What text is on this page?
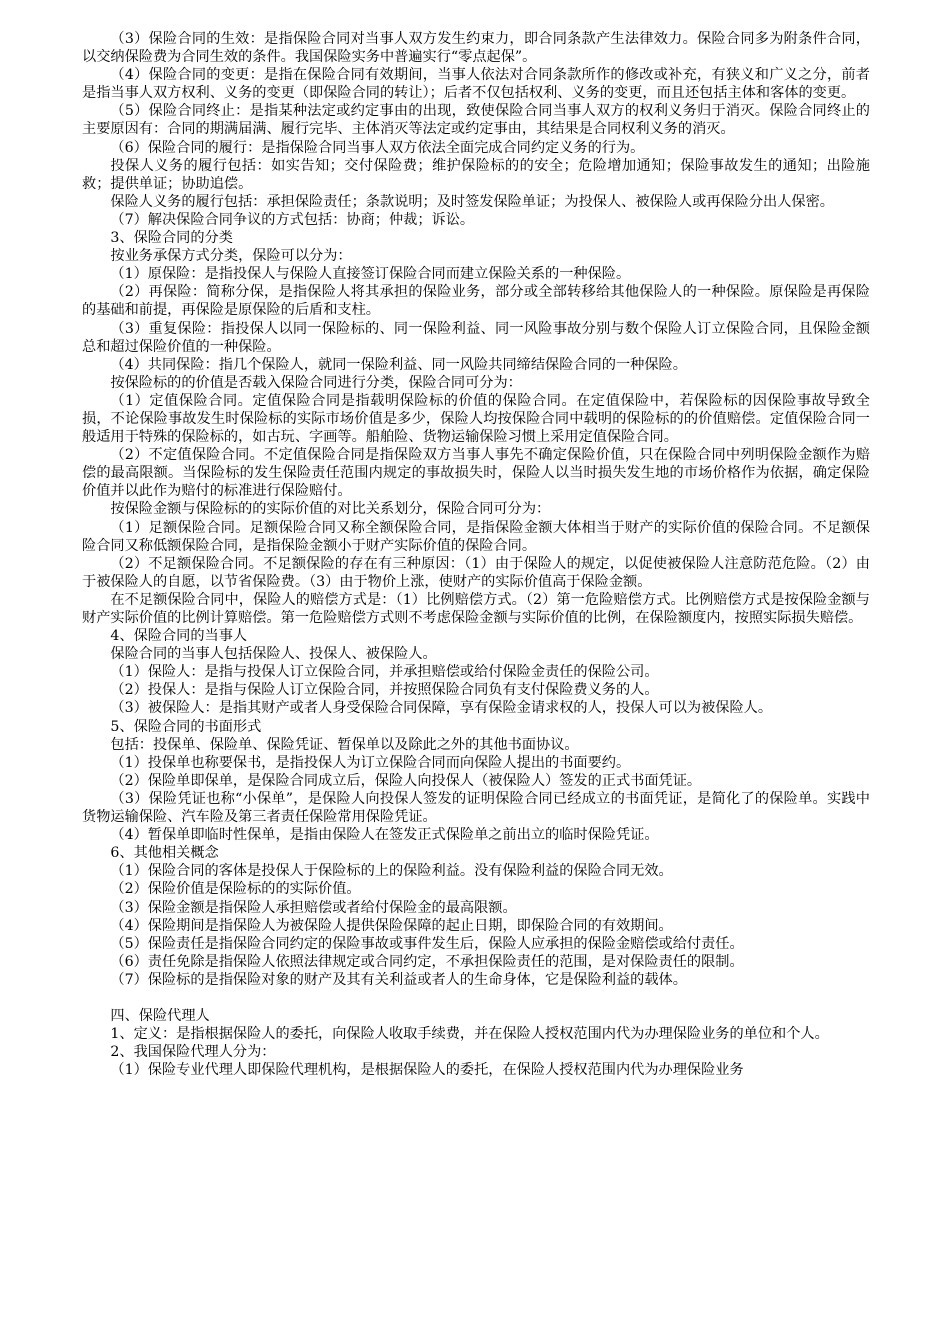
（3）保险合同的生效：是指保险合同对当事人双方发生约束力，即合同条款产生法律效力。保险合同多为附条件合同，以交纳保险费为合同生效的条件。我国保险实务中普遍实行“零点起保”。

（4）保险合同的变更：是指在保险合同有效期间，当事人依法对合同条款所作的修改或补充，有狭义和广义之分，前者是指当事人双方权利、义务的变更（即保险合同的转让）；后者不仅包括权利、义务的变更，而且还包括主体和客体的变更。

（5）保险合同终止：是指某种法定或约定事由的出现，致使保险合同当事人双方的权利义务归于消灭。保险合同终止的主要原因有：合同的期满届满、履行完毕、主体消灭等法定或约定事由，其结果是合同权利义务的消灭。

（6）保险合同的履行：是指保险合同当事人双方依法全面完成合同约定义务的行为。

投保人义务的履行包括：如实告知；交付保险费；维护保险标的的安全；危险增加通知；保险事故发生的通知；出险施救；提供单证；协助追偿。

保险人义务的履行包括：承担保险责任；条款说明；及时签发保险单证；为投保人、被保险人或再保险分出人保密。

（7）解决保险合同争议的方式包括：协商；仲裁；诉讼。

3、保险合同的分类

按业务承保方式分类，保险可以分为：

（1）原保险：是指投保人与保险人直接签订保险合同而建立保险关系的一种保险。

（2）再保险：简称分保，是指保险人将其承担的保险业务，部分或全部转移给其他保险人的一种保险。原保险是再保险的基础和前提，再保险是原保险的后盾和支柱。

（3）重复保险：指投保人以同一保险标的、同一保险利益、同一风险事故分别与数个保险人订立保险合同，且保险金额总和超过保险价值的一种保险。

（4）共同保险：指几个保险人，就同一保险利益、同一风险共同缔结保险合同的一种保险。

按保险标的的价值是否载入保险合同进行分类，保险合同可分为：

（1）定值保险合同。定值保险合同是指载明保险标的价值的保险合同。在定值保险中，若保险标的因保险事故导致全损，不论保险事故发生时保险标的实际市场价值是多少，保险人均按保险合同中载明的保险标的的价值赔偿。定值保险合同一般适用于特殊的保险标的，如古玩、字画等。船舶险、货物运输保险习惯上采用定值保险合同。

（2）不定值保险合同。不定值保险合同是指保险双方当事人事先不确定保险价值，只在保险合同中列明保险金额作为赔偿的最高限额。当保险标的发生保险责任范围内规定的事故损失时，保险人以当时损失发生地的市场价格作为依据，确定保险价值并以此作为赔付的标准进行保险赔付。

按保险金额与保险标的的实际价值的对比关系划分，保险合同可分为：

（1）足额保险合同。足额保险合同又称全额保险合同，是指保险金额大体相当于财产的实际价值的保险合同。不足额保险合同又称低额保险合同，是指保险金额小于财产实际价值的保险合同。

（2）不足额保险合同。不足额保险的存在有三种原因：（1）由于保险人的规定，以促使被保险人注意防范危险。（2）由于被保险人的自愿，以节省保险费。（3）由于物价上涨，使财产的实际价值高于保险金额。

在不足额保险合同中，保险人的赔偿方式是：（1）比例赔偿方式。（2）第一危险赔偿方式。比例赔偿方式是按保险金额与财产实际价值的比例计算赔偿。第一危险赔偿方式则不考虑保险金额与实际价值的比例，在保险额度内，按照实际损失赔偿。

4、保险合同的当事人

保险合同的当事人包括保险人、投保人、被保险人。

（1）保险人：是指与投保人订立保险合同，并承担赔偿或给付保险金责任的保险公司。

（2）投保人：是指与保险人订立保险合同，并按照保险合同负有支付保险费义务的人。

（3）被保险人：是指其财产或者人身受保险合同保障，享有保险金请求权的人，投保人可以为被保险人。

5、保险合同的书面形式

包括：投保单、保险单、保险凭证、暂保单以及除此之外的其他书面协议。

（1）投保单也称要保书，是指投保人为订立保险合同而向保险人提出的书面要约。

（2）保险单即保单，是保险合同成立后，保险人向投保人（被保险人）签发的正式书面凭证。

（3）保险凭证也称“小保单”，是保险人向投保人签发的证明保险合同已经成立的书面凭证，是简化了的保险单。实践中货物运输保险、汽车险及第三者责任保险常用保险凭证。

（4）暂保单即临时性保单，是指由保险人在签发正式保险单之前出立的临时保险凭证。

6、其他相关概念

（1）保险合同的客体是投保人于保险标的上的保险利益。没有保险利益的保险合同无效。

（2）保险价值是保险标的的实际价值。

（3）保险金额是指保险人承担赔偿或者给付保险金的最高限额。

（4）保险期间是指保险人为被保险人提供保险保障的起止日期，即保险合同的有效期间。

（5）保险责任是指保险合同约定的保险事故或事件发生后，保险人应承担的保险金赔偿或给付责任。

（6）责任免除是指保险人依照法律规定或合同约定，不承担保险责任的范围，是对保险责任的限制。

（7）保险标的是指保险对象的财产及其有关利益或者人的生命身体，它是保险利益的载体。

四、保险代理人

1、定义：是指根据保险人的委托，向保险人收取手续费，并在保险人授权范围内代为办理保险业务的单位和个人。

2、我国保险代理人分为：

（1）保险专业代理人即保险代理机构，是根据保险人的委托，在保险人授权范围内代为办理保险业务
